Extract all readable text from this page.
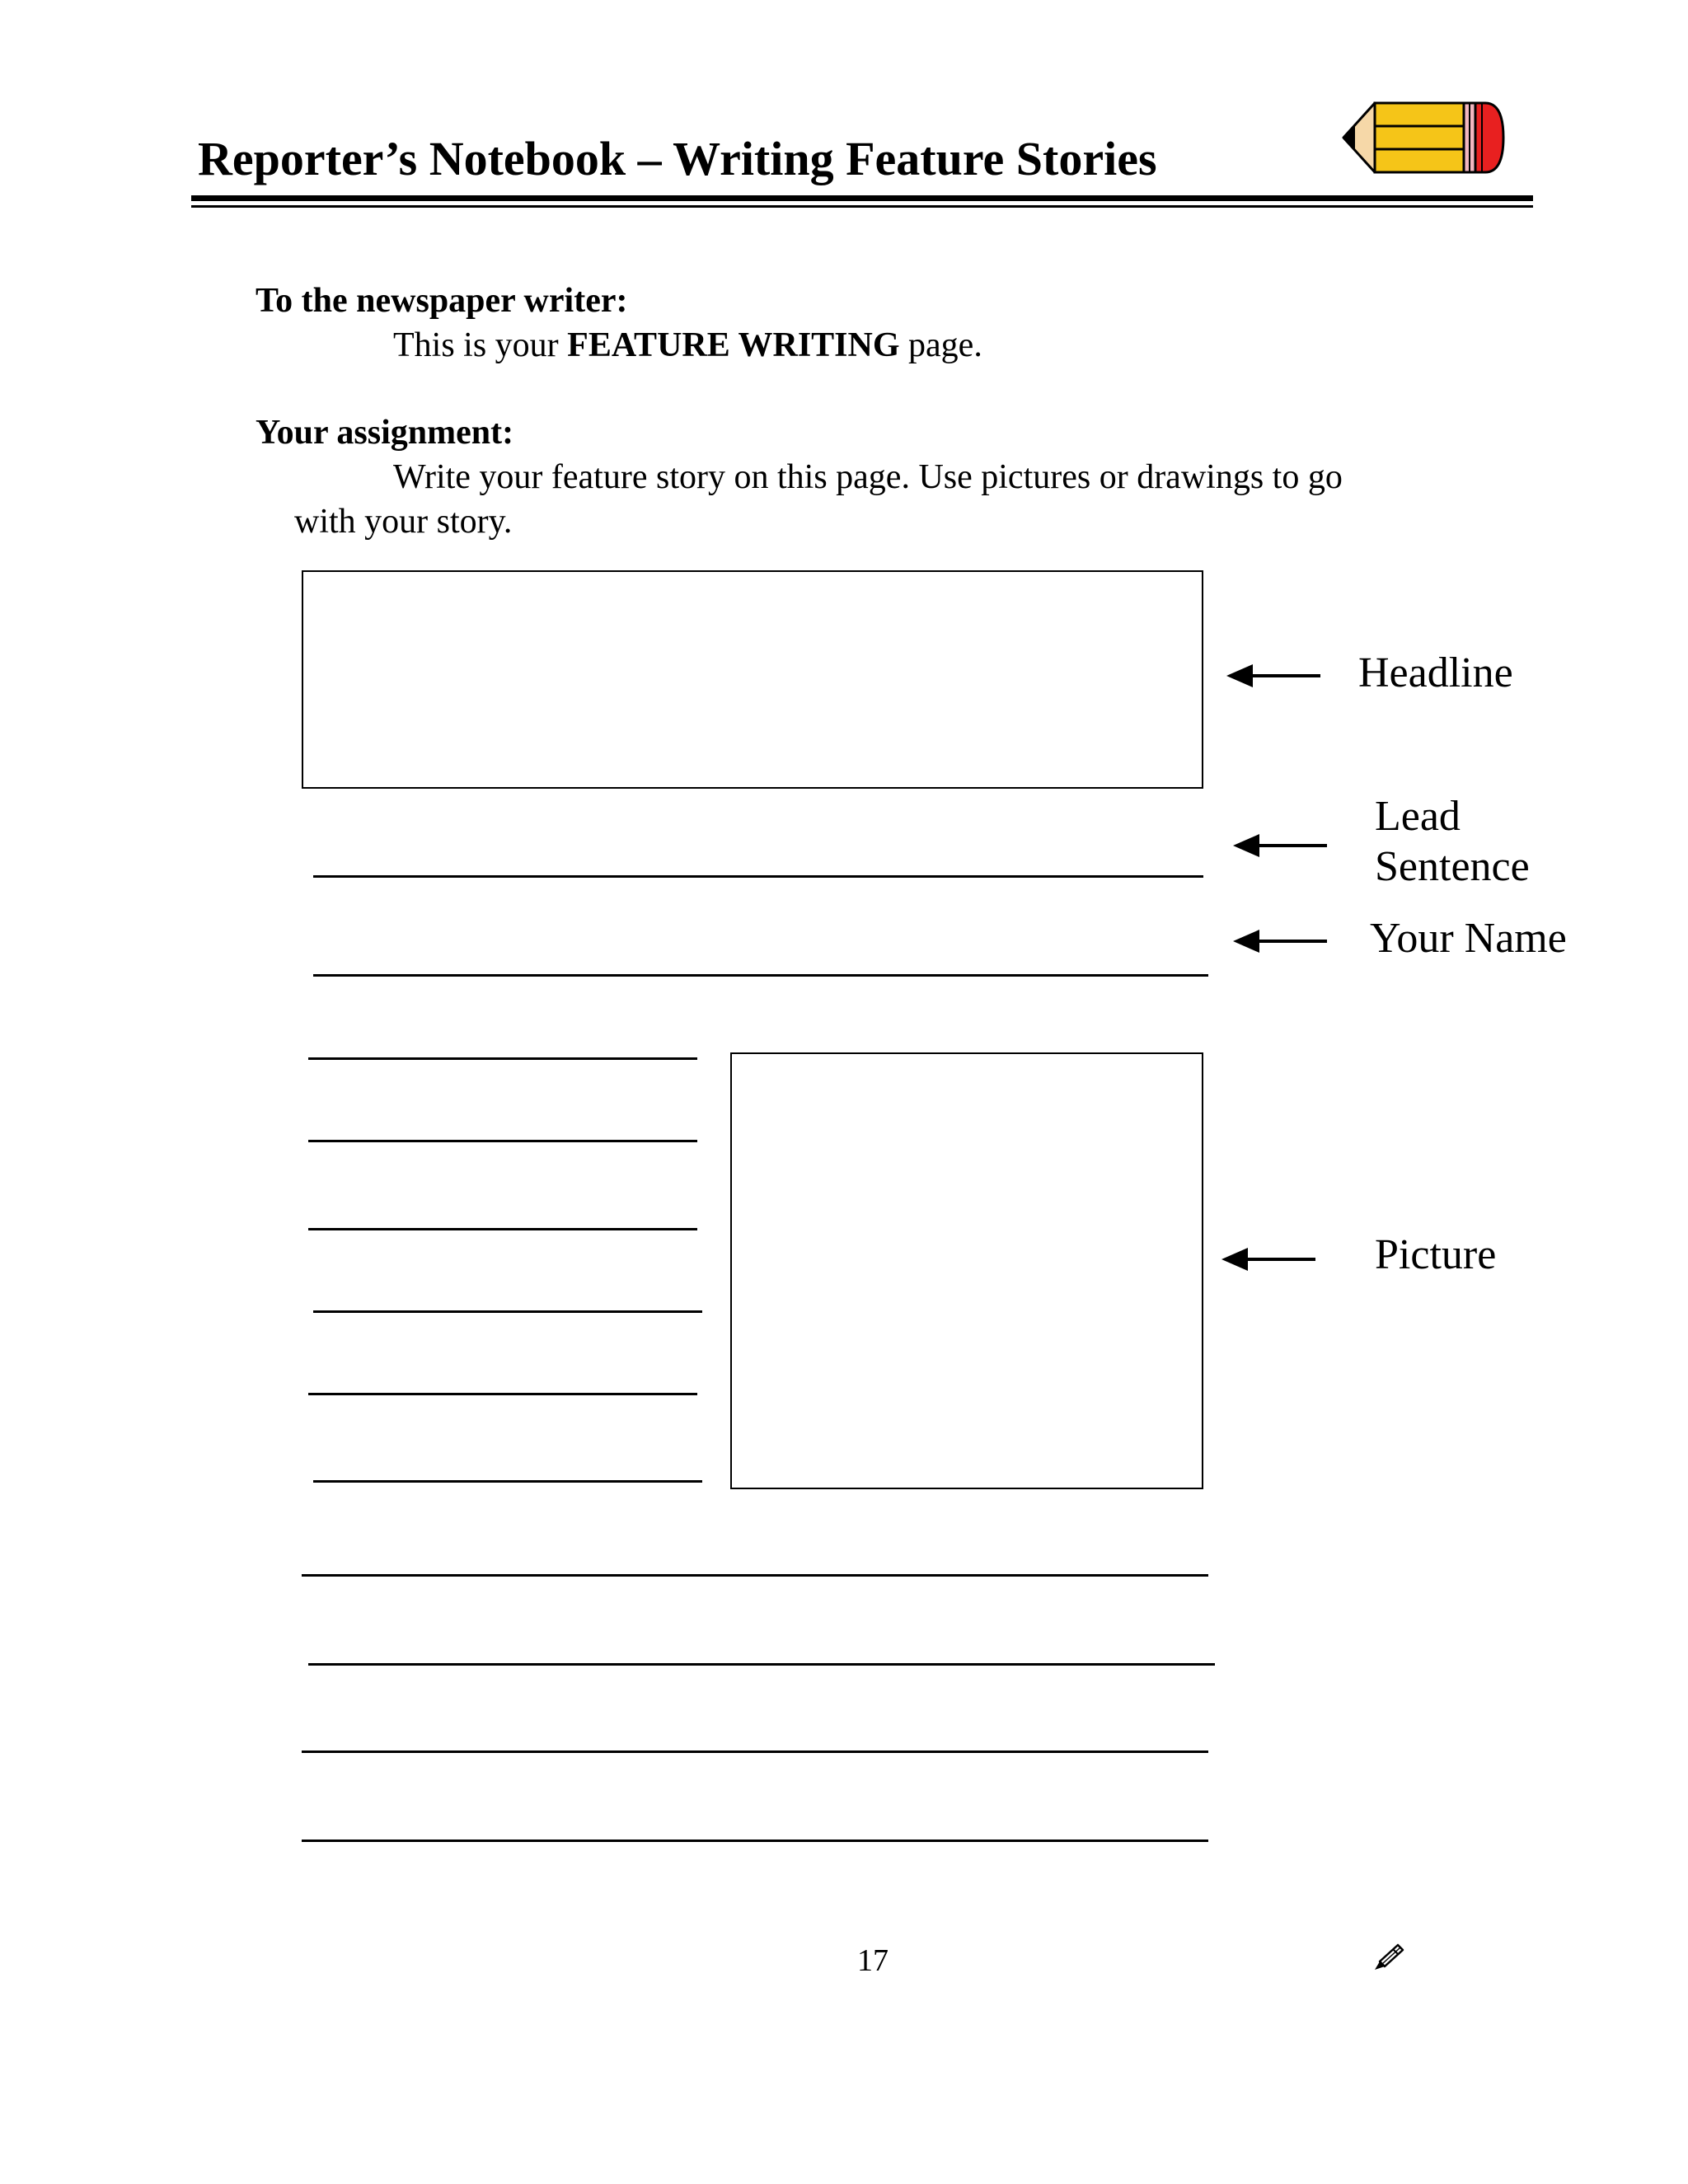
Reporter’s Notebook – Writing Feature Stories
To the newspaper writer:
This is your FEATURE WRITING page.
Your assignment:
Write your feature story on this page. Use pictures or drawings to go
with your story.
Headline
Lead
Sentence
Your Name
Picture
17
